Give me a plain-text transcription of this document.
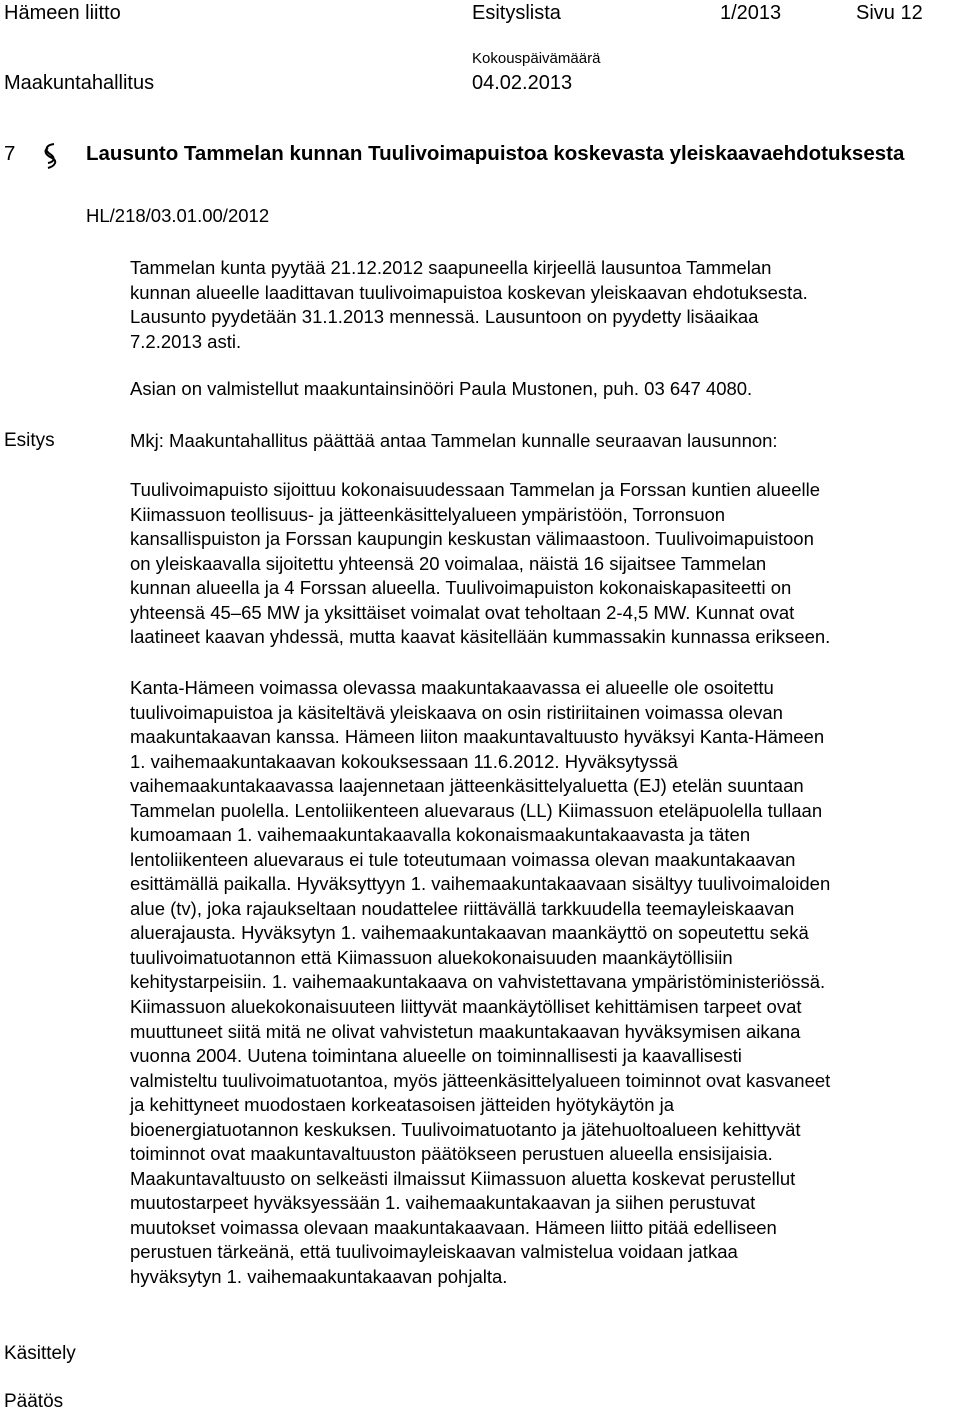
Hämeen liitto	Esityslista	1/2013	Sivu 12
Kokouspäivämäärä
Maakuntahallitus	04.02.2013
7	Lausunto Tammelan kunnan Tuulivoimapuistoa koskevasta yleiskaavaehdotuksesta
HL/218/03.01.00/2012

Tammelan kunta pyytää 21.12.2012 saapuneella kirjeellä lausuntoa Tammelan
kunnan alueelle laadittavan tuulivoimapuistoa koskevan yleiskaavan ehdotuksesta.
Lausunto pyydetään 31.1.2013 mennessä. Lausuntoon on pyydetty lisäaikaa
7.2.2013 asti.

Asian on valmistellut maakuntainsinööri Paula Mustonen, puh. 03 647 4080.

Esitys	Mkj: Maakuntahallitus päättää antaa Tammelan kunnalle seuraavan lausunnon:

Tuulivoimapuisto sijoittuu kokonaisuudessaan Tammelan ja Forssan kuntien alueelle
Kiimassuon teollisuus- ja jätteenkäsittelyalueen ympäristöön, Torronsuon
kansallispuiston ja Forssan kaupungin keskustan välimaastoon. Tuulivoimapuistoon
on yleiskaavalla sijoitettu yhteensä 20 voimalaa, näistä 16 sijaitsee Tammelan
kunnan alueella ja 4 Forssan alueella. Tuulivoimapuiston kokonaiskapasiteetti on
yhteensä 45–65 MW ja yksittäiset voimalat ovat teholtaan 2-4,5 MW. Kunnat ovat
laatineet kaavan yhdessä, mutta kaavat käsitellään kummassakin kunnassa erikseen.

Kanta-Hämeen voimassa olevassa maakuntakaavassa ei alueelle ole osoitettu
tuulivoimapuistoa ja käsiteltävä yleiskaava on osin ristiriitainen voimassa olevan
maakuntakaavan kanssa. Hämeen liiton maakuntavaltuusto hyväksyi Kanta-Hämeen
1. vaihemaakuntakaavan kokouksessaan 11.6.2012. Hyväksytyssä
vaihemaakuntakaavassa laajennetaan jätteenkäsittelyaluetta (EJ) etelän suuntaan
Tammelan puolella. Lentoliikenteen aluevaraus (LL) Kiimassuon eteläpuolella tullaan
kumoamaan 1. vaihemaakuntakaavalla kokonaismaakuntakaavasta ja täten
lentoliikenteen aluevaraus ei tule toteutumaan voimassa olevan maakuntakaavan
esittämällä paikalla. Hyväksyttyyn 1. vaihemaakuntakaavaan sisältyy tuulivoimaloiden
alue (tv), joka rajaukseltaan noudattelee riittävällä tarkkuudella teemayleiskaavan
aluerajausta. Hyväksytyn 1. vaihemaakuntakaavan maankäyttö on sopeutettu sekä
tuulivoimatuotannon että Kiimassuon aluekokonaisuuden maankäytöllisiin
kehitystarpeisiin. 1. vaihemaakuntakaava on vahvistettavana ympäristöministeriössä.

Kiimassuon aluekokonaisuuteen liittyvät maankäytölliset kehittämisen tarpeet ovat
muuttuneet siitä mitä ne olivat vahvistetun maakuntakaavan hyväksymisen aikana
vuonna 2004. Uutena toimintana alueelle on toiminnallisesti ja kaavallisesti
valmisteltu tuulivoimatuotantoa, myös jätteenkäsittelyalueen toiminnot ovat kasvaneet
ja kehittyneet muodostaen korkeatasoisen jätteiden hyötykäytön ja
bioenergiatuotannon keskuksen. Tuulivoimatuotanto ja jätehuoltoalueen kehittyvät
toiminnot ovat maakuntavaltuuston päätökseen perustuen alueella ensisijaisia.
Maakuntavaltuusto on selkeästi ilmaissut Kiimassuon aluetta koskevat perustellut
muutostarpeet hyväksyessään 1. vaihemaakuntakaavan ja siihen perustuvat
muutokset voimassa olevaan maakuntakaavaan. Hämeen liitto pitää edelliseen
perustuen tärkeänä, että tuulivoimayleiskaavan valmistelua voidaan jatkaa
hyväksytyn 1. vaihemaakuntakaavan pohjalta.

Käsittely
Päätös
